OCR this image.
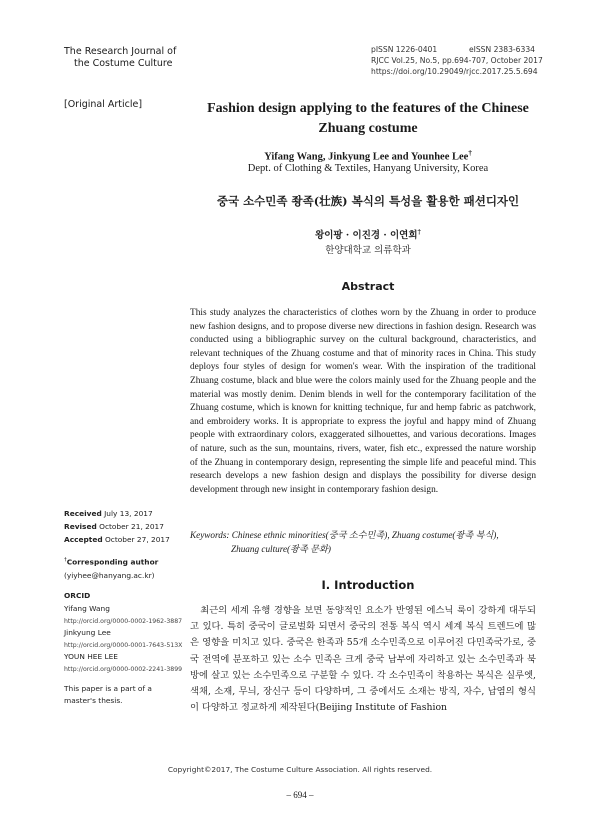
The Research Journal of
the Costume Culture
pISSN 1226-0401	eISSN 2383-6334
RJCC Vol.25, No.5, pp.694-707, October 2017
https://doi.org/10.29049/rjcc.2017.25.5.694
[Original Article]	Fashion design applying to the features of the Chinese Zhuang costume
Yifang Wang, Jinkyung Lee and Younhee Lee†
Dept. of Clothing & Textiles, Hanyang University, Korea
중국 소수민족 좡족(壮族) 복식의 특성을 활용한 패션디자인
왕이팡 · 이진경 · 이연희†
한양대학교 의류학과
Abstract

This study analyzes the characteristics of clothes worn by the Zhuang in order to produce new fashion designs, and to propose diverse new directions in fashion design. Research was conducted using a bibliographic survey on the cultural background, characteristics, and relevant techniques of the Zhuang costume and that of minority races in China. This study deploys four styles of design for women's wear. With the inspiration of the traditional Zhuang costume, black and blue were the colors mainly used for the Zhuang people and the material was mostly denim. Denim blends in well for the contemporary facilitation of the Zhuang costume, which is known for knitting technique, fur and hemp fabric as patchwork, and embroidery works. It is appropriate to express the joyful and happy mind of Zhuang people with extraordinary colors, exaggerated silhouettes, and various decorations. Images of nature, such as the sun, mountains, rivers, water, fish etc., expressed the nature worship of the Zhuang in contemporary design, representing the simple life and peaceful mind. This research develops a new fashion design and displays the possibility for diverse design development through new insight in contemporary fashion design.

Keywords: Chinese ethnic minorities(중국 소수민족), Zhuang costume(좡족 복식),
Zhuang culture(좡족 문화)
Received July 13, 2017
Revised October 21, 2017
Accepted October 27, 2017
†Corresponding author
(yiyhee@hanyang.ac.kr)
ORCID
Yifang Wang
http://orcid.org/0000-0002-1962-3887
Jinkyung Lee
http://orcid.org/0000-0001-7643-513X
YOUN HEE LEE
http://orcid.org/0000-0002-2241-3899
This paper is a part of a
master's thesis.
I. Introduction

최근의 세계 유행 경향을 보면 동양적인 요소가 반영된 에스닉 룩이 강하게 대두되고 있다. 특히 중국이 글로벌화 되면서 중국의 전통 복식 역시 세계 복식 트렌드에 많은 영향을 미치고 있다. 중국은 한족과 55개 소수민족으로 이루어진 다민족국가로, 중국 전역에 분포하고 있는 소수 민족은 크게 중국 남부에 자리하고 있는 소수민족과 북방에 살고 있는 소수민족으로 구분할 수 있다. 각 소수민족이 착용하는 복식은 실루엣, 색채, 소재, 무늬, 장신구 등이 다양하며, 그 중에서도 소재는 방직, 자수, 납염의 형식이 다양하고 정교하게 제작된다(Beijing Institute of Fashion

Copyright©2017, The Costume Culture Association. All rights reserved.
– 694 –
